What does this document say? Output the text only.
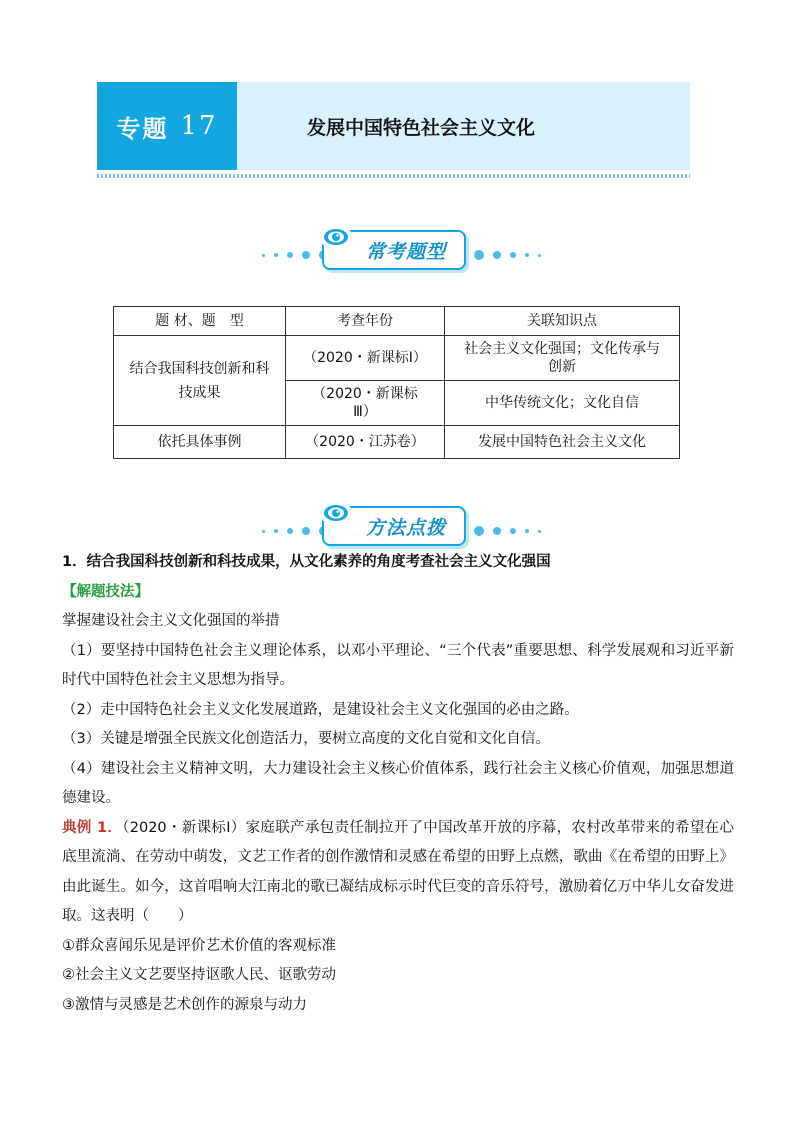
专题 17	发展中国特色社会主义文化
常考题型
题 材、题　型	考查年份	关联知识点
结合我国科技创新和科技成果	（2020・新课标Ⅰ）	社会主义文化强国；文化传承与创新
	（2020・新课标Ⅲ）	中华传统文化；文化自信
依托具体事例	（2020・江苏卷）	发展中国特色社会主义文化
方法点拨

1．结合我国科技创新和科技成果，从文化素养的角度考查社会主义文化强国

【解题技法】

掌握建设社会主义文化强国的举措

（1）要坚持中国特色社会主义理论体系，以邓小平理论、“三个代表”重要思想、科学发展观和习近平新时代中国特色社会主义思想为指导。

（2）走中国特色社会主义文化发展道路，是建设社会主义文化强国的必由之路。

（3）关键是增强全民族文化创造活力，要树立高度的文化自觉和文化自信。

（4）建设社会主义精神文明，大力建设社会主义核心价值体系，践行社会主义核心价值观，加强思想道德建设。

典例 1．（2020・新课标Ⅰ）家庭联产承包责任制拉开了中国改革开放的序幕，农村改革带来的希望在心底里流淌、在劳动中萌发，文艺工作者的创作激情和灵感在希望的田野上点燃，歌曲《在希望的田野上》由此诞生。如今，这首唱响大江南北的歌已凝结成标示时代巨变的音乐符号，激励着亿万中华儿女奋发进取。这表明（　　）

①群众喜闻乐见是评价艺术价值的客观标准

②社会主义文艺要坚持讴歌人民、讴歌劳动

③激情与灵感是艺术创作的源泉与动力
